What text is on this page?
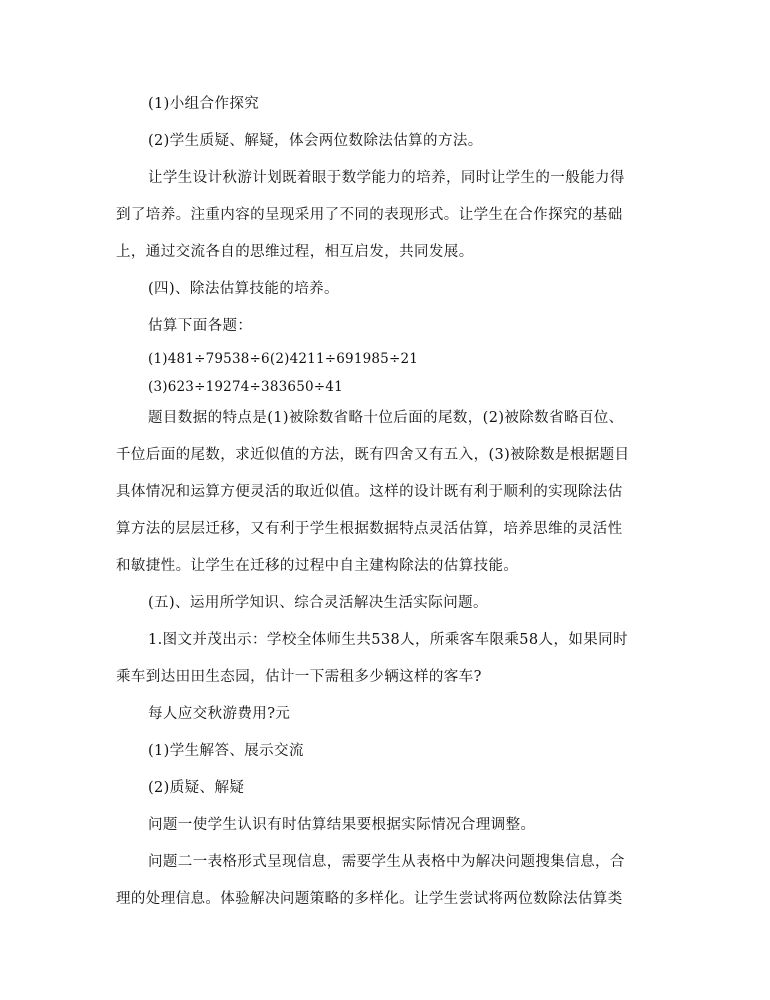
(1)小组合作探究
(2)学生质疑、解疑，体会两位数除法估算的方法。
让学生设计秋游计划既着眼于数学能力的培养，同时让学生的一般能力得
到了培养。注重内容的呈现采用了不同的表现形式。让学生在合作探究的基础
上，通过交流各自的思维过程，相互启发，共同发展。
(四)、除法估算技能的培养。
估算下面各题：
(1)481÷79538÷6(2)4211÷691985÷21
(3)623÷19274÷383650÷41
题目数据的特点是(1)被除数省略十位后面的尾数，(2)被除数省略百位、
千位后面的尾数，求近似值的方法，既有四舍又有五入，(3)被除数是根据题目
具体情况和运算方便灵活的取近似值。这样的设计既有利于顺利的实现除法估
算方法的层层迁移，又有利于学生根据数据特点灵活估算，培养思维的灵活性
和敏捷性。让学生在迁移的过程中自主建构除法的估算技能。
(五)、运用所学知识、综合灵活解决生活实际问题。
1.图文并茂出示：学校全体师生共538人，所乘客车限乘58人，如果同时
乘车到达田田生态园，估计一下需租多少辆这样的客车?
每人应交秋游费用?元
(1)学生解答、展示交流
(2)质疑、解疑
问题一使学生认识有时估算结果要根据实际情况合理调整。
问题二一表格形式呈现信息，需要学生从表格中为解决问题搜集信息，合
理的处理信息。体验解决问题策略的多样化。让学生尝试将两位数除法估算类
